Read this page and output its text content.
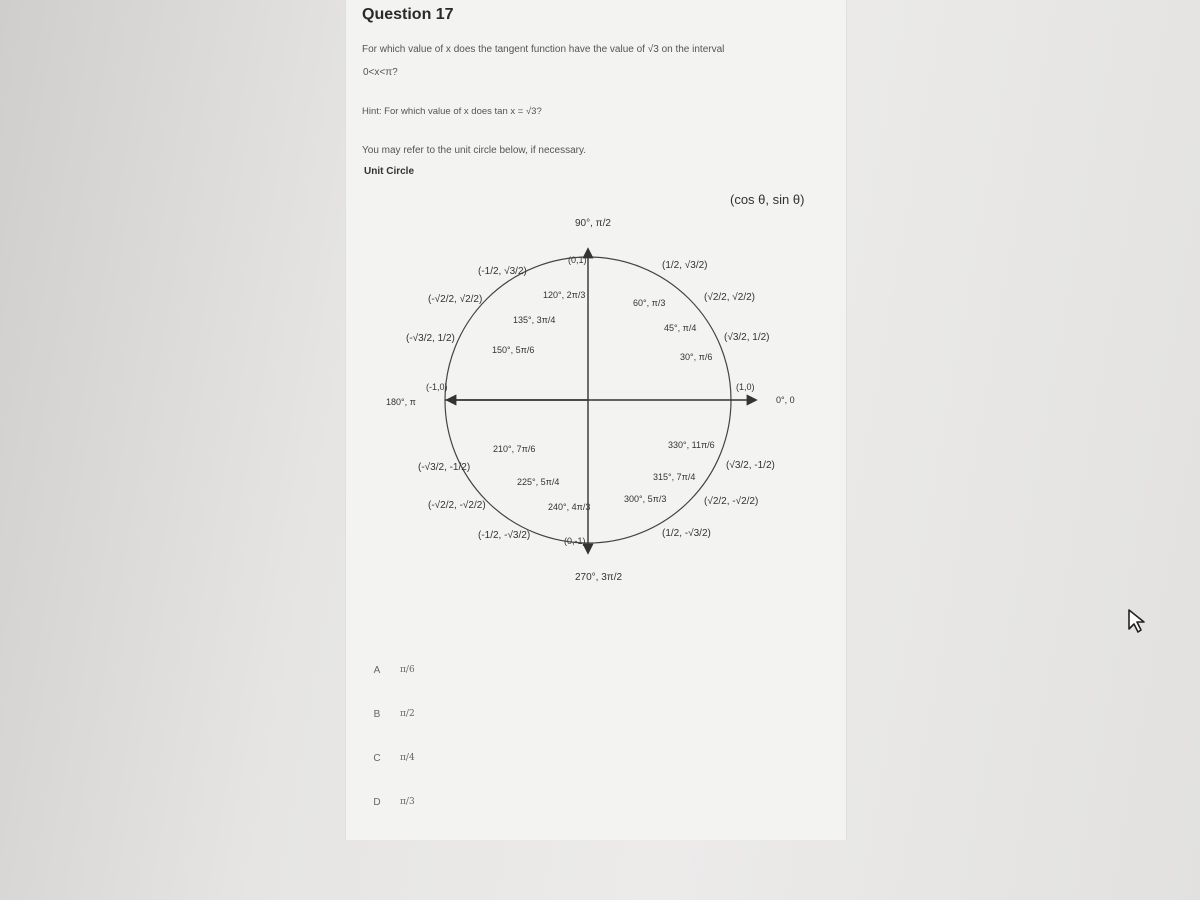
Question 17
For which value of x does the tangent function have the value of √3 on the interval
0<x<π?
Hint: For which value of x does tan x = √3?
You may refer to the unit circle below, if necessary.
Unit Circle
(cos θ, sin θ)
(0,1)
(0,-1)
(-1,0)	(1,0)
90°, π/2
120°, 2π/3
135°, 3π/4
150°, 5π/6
180°, π	0°, 0
60°, π/3
45°, π/4
30°, π/6
210°, 7π/6
225°, 5π/4
240°, 4π/3
270°, 3π/2
300°, 5π/3
315°, 7π/4
330°, 11π/6
(-1/2, √3/2)
(-√2/2, √2/2)
(-√3/2, 1/2)
(1/2, √3/2)
(√2/2, √2/2)
(√3/2, 1/2)
(-√3/2, -1/2)
(-√2/2, -√2/2)
(-1/2, -√3/2)
(√3/2, -1/2)
(√2/2, -√2/2)
(1/2, -√3/2)
A	π/6
B	π/2
C	π/4
D	π/3
